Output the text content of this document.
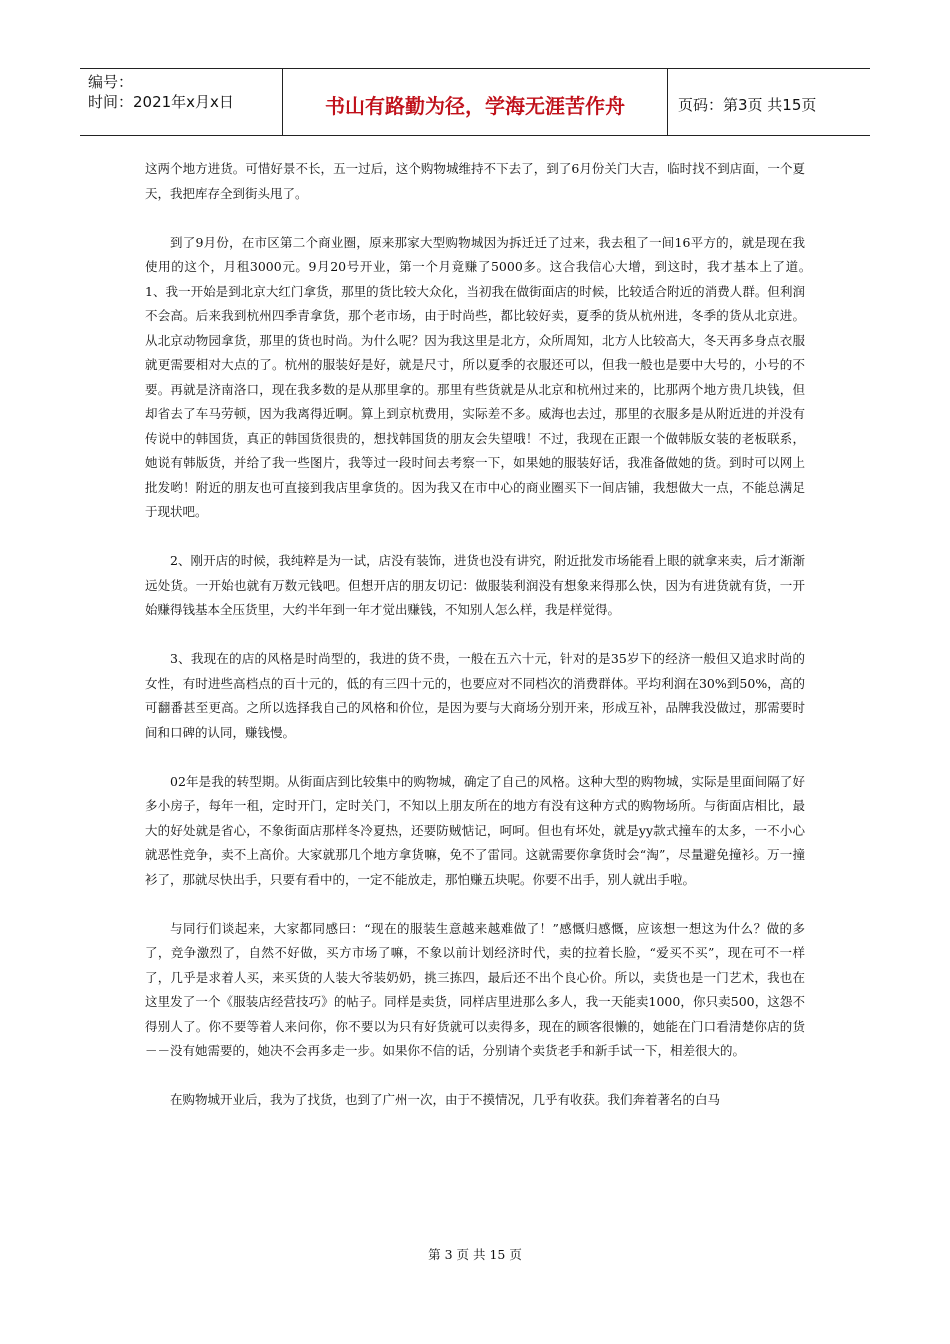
编号：
时间：2021年x月x日	书山有路勤为径，学海无涯苦作舟	页码：第3页 共15页

这两个地方进货。可惜好景不长，五一过后，这个购物城维持不下去了，到了6月份关门大吉，临时找不到店面，一个夏天，我把库存全到街头甩了。

到了9月份，在市区第二个商业圈，原来那家大型购物城因为拆迁迁了过来，我去租了一间16平方的，就是现在我使用的这个，月租3000元。9月20号开业，第一个月竟赚了5000多。这合我信心大增，到这时，我才基本上了道。　　1、我一开始是到北京大红门拿货，那里的货比较大众化，当初我在做街面店的时候，比较适合附近的消费人群。但利润不会高。后来我到杭州四季青拿货，那个老市场，由于时尚些，都比较好卖，夏季的货从杭州进，冬季的货从北京进。从北京动物园拿货，那里的货也时尚。为什么呢？因为我这里是北方，众所周知，北方人比较高大，冬天再多身点衣服就更需要相对大点的了。杭州的服装好是好，就是尺寸，所以夏季的衣服还可以，但我一般也是要中大号的，小号的不要。再就是济南洛口，现在我多数的是从那里拿的。那里有些货就是从北京和杭州过来的，比那两个地方贵几块钱，但却省去了车马劳顿，因为我离得近啊。算上到京杭费用，实际差不多。威海也去过，那里的衣服多是从附近进的并没有传说中的韩国货，真正的韩国货很贵的，想找韩国货的朋友会失望哦！不过，我现在正跟一个做韩版女装的老板联系，她说有韩版货，并给了我一些图片，我等过一段时间去考察一下，如果她的服装好话，我准备做她的货。到时可以网上批发哟！附近的朋友也可直接到我店里拿货的。因为我又在市中心的商业圈买下一间店铺，我想做大一点，不能总满足于现状吧。

2、刚开店的时候，我纯粹是为一试，店没有装饰，进货也没有讲究，附近批发市场能看上眼的就拿来卖，后才渐渐远处货。一开始也就有万数元钱吧。但想开店的朋友切记：做服装利润没有想象来得那么快，因为有进货就有货，一开始赚得钱基本全压货里，大约半年到一年才觉出赚钱，不知别人怎么样，我是样觉得。

3、我现在的店的风格是时尚型的，我进的货不贵，一般在五六十元，针对的是35岁下的经济一般但又追求时尚的女性，有时进些高档点的百十元的，低的有三四十元的，也要应对不同档次的消费群体。平均利润在30%到50%，高的可翻番甚至更高。之所以选择我自己的风格和价位，是因为要与大商场分别开来，形成互补，品牌我没做过，那需要时间和口碑的认同，赚钱慢。

02年是我的转型期。从街面店到比较集中的购物城，确定了自己的风格。这种大型的购物城，实际是里面间隔了好多小房子，每年一租，定时开门，定时关门，不知以上朋友所在的地方有没有这种方式的购物场所。与街面店相比，最大的好处就是省心，不象街面店那样冬冷夏热，还要防贼惦记，呵呵。但也有坏处，就是yy款式撞车的太多，一不小心就恶性竞争，卖不上高价。大家就那几个地方拿货嘛，免不了雷同。这就需要你拿货时会“淘”，尽量避免撞衫。万一撞衫了，那就尽快出手，只要有看中的，一定不能放走，那怕赚五块呢。你要不出手，别人就出手啦。

与同行们谈起来，大家都同感曰：“现在的服装生意越来越难做了！”感慨归感慨，应该想一想这为什么？做的多了，竞争激烈了，自然不好做，买方市场了嘛，不象以前计划经济时代，卖的拉着长脸，“爱买不买”，现在可不一样了，几乎是求着人买，来买货的人装大爷装奶奶，挑三拣四，最后还不出个良心价。所以，卖货也是一门艺术，我也在这里发了一个《服装店经营技巧》的帖子。同样是卖货，同样店里进那么多人，我一天能卖1000，你只卖500，这怨不得别人了。你不要等着人来问你，你不要以为只有好货就可以卖得多，现在的顾客很懒的，她能在门口看清楚你店的货－－没有她需要的，她决不会再多走一步。如果你不信的话，分别请个卖货老手和新手试一下，相差很大的。

在购物城开业后，我为了找货，也到了广州一次，由于不摸情况，几乎有收获。我们奔着著名的白马

第 3 页 共 15 页
